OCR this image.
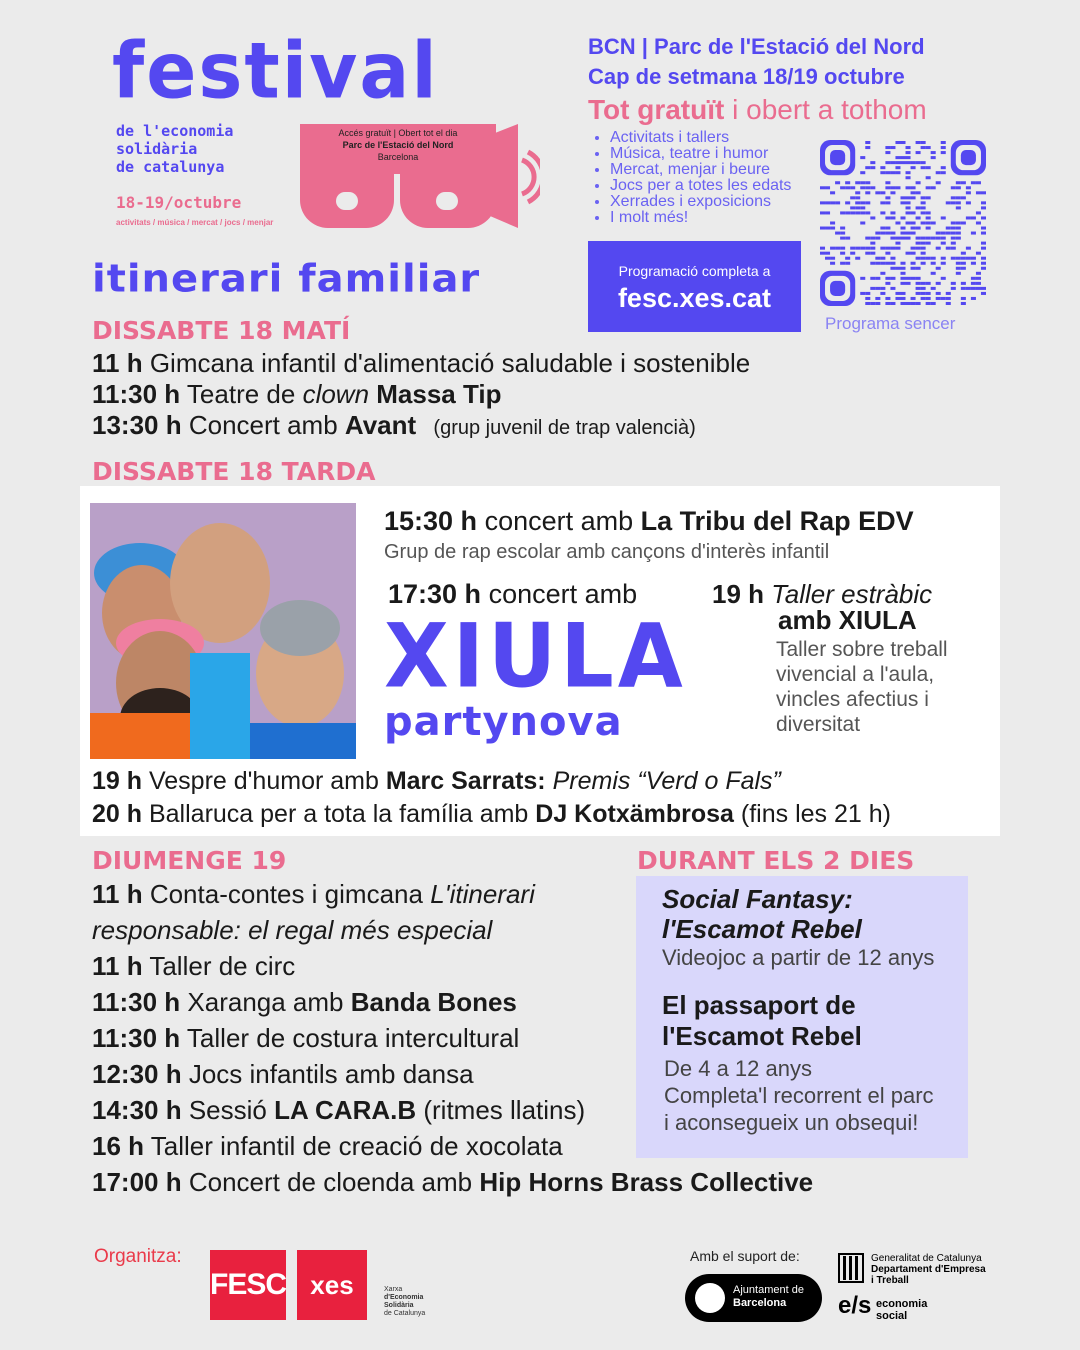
festival
de l'economia
solidària
de catalunya
18-19/octubre
activitats / música / mercat / jocs / menjar
Accés gratuït | Obert tot el dia
Parc de l'Estació del Nord
Barcelona
BCN | Parc de l'Estació del Nord
Cap de setmana 18/19 octubre
Tot gratuït i obert a tothom
• Activitats i tallers
• Música, teatre i humor
• Mercat, menjar i beure
• Jocs per a totes les edats
• Xerrades i exposicions
• I molt més!
Programació completa a
fesc.xes.cat
Programa sencer
itinerari familiar
DISSABTE 18 MATÍ
11 h Gimcana infantil d'alimentació saludable i sostenible
11:30 h Teatre de clown Massa Tip
13:30 h Concert amb Avant (grup juvenil de trap valencià)
DISSABTE 18 TARDA
15:30 h concert amb La Tribu del Rap EDV
Grup de rap escolar amb cançons d'interès infantil
17:30 h concert amb
XIULA
partynova
19 h Taller estràbic
amb XIULA
Taller sobre treball
vivencial a l'aula,
vincles afectius i
diversitat
19 h Vespre d'humor amb Marc Sarrats: Premis “Verd o Fals”
20 h Ballaruca per a tota la família amb DJ Kotxämbrosa (fins les 21 h)
DIUMENGE 19
11 h Conta-contes i gimcana L'itinerari
responsable: el regal més especial
11 h Taller de circ
11:30 h Xaranga amb Banda Bones
11:30 h Taller de costura intercultural
12:30 h Jocs infantils amb dansa
14:30 h Sessió LA CARA.B (ritmes llatins)
16 h Taller infantil de creació de xocolata
17:00 h Concert de cloenda amb Hip Horns Brass Collective
DURANT ELS 2 DIES
Social Fantasy:
l'Escamot Rebel
Videojoc a partir de 12 anys
El passaport de
l'Escamot Rebel
De 4 a 12 anys
Completa'l recorrent el parc
i aconsegueix un obsequi!
Organitza:
FESC xes	Xarxa
d'Economia
Solidària
de Catalunya
Amb el suport de:
Ajuntament de
Barcelona
Generalitat de Catalunya
Departament d'Empresa
i Treball
e/s economia
social
